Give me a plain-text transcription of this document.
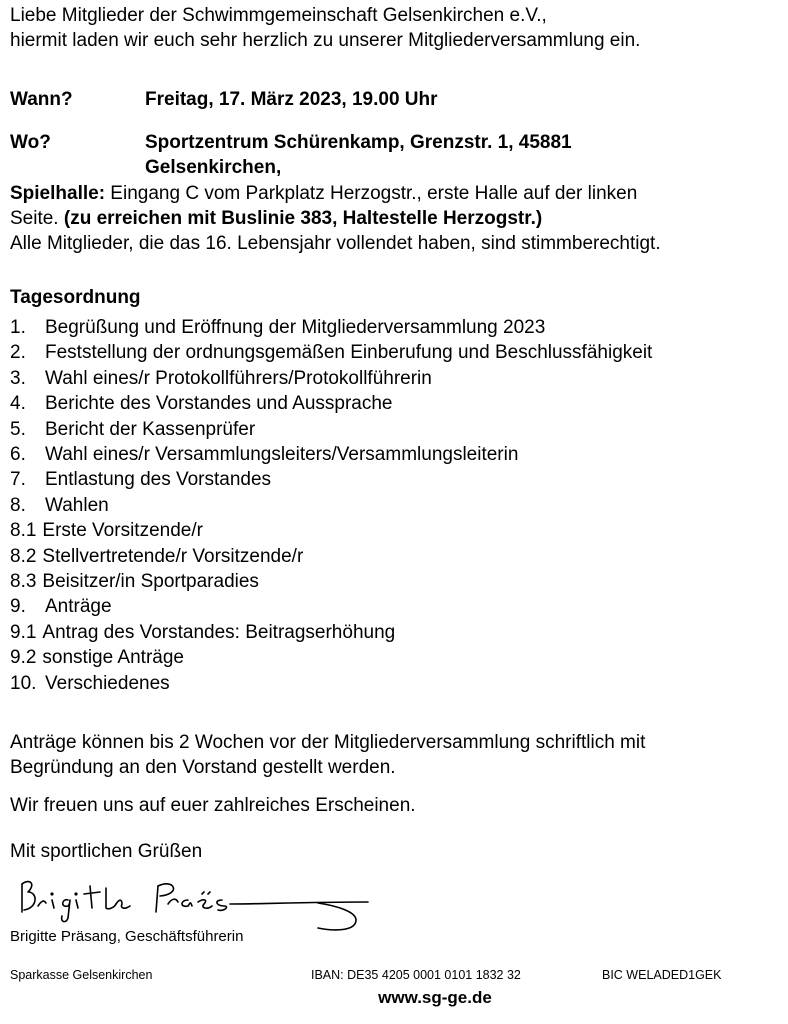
Liebe Mitglieder der Schwimmgemeinschaft Gelsenkirchen e.V.,
hiermit laden wir euch sehr herzlich zu unserer Mitgliederversammlung ein.
Wann?	Freitag, 17. März 2023, 19.00 Uhr
Wo?	Sportzentrum Schürenkamp, Grenzstr. 1, 45881
Gelsenkirchen,
Spielhalle: Eingang C vom Parkplatz Herzogstr., erste Halle auf der linken
Seite. (zu erreichen mit Buslinie 383, Haltestelle Herzogstr.)
Alle Mitglieder, die das 16. Lebensjahr vollendet haben, sind stimmberechtigt.
Tagesordnung
1.	Begrüßung und Eröffnung der Mitgliederversammlung 2023
2.	Feststellung der ordnungsgemäßen Einberufung und Beschlussfähigkeit
3.	Wahl eines/r Protokollführers/Protokollführerin
4.	Berichte des Vorstandes und Aussprache
5.	Bericht der Kassenprüfer
6.	Wahl eines/r Versammlungsleiters/Versammlungsleiterin
7.	Entlastung des Vorstandes
8.	Wahlen
8.1 Erste Vorsitzende/r
8.2 Stellvertretende/r Vorsitzende/r
8.3 Beisitzer/in Sportparadies
9.	Anträge
9.1 Antrag des Vorstandes: Beitragserhöhung
9.2 sonstige Anträge
10. Verschiedenes
Anträge können bis 2 Wochen vor der Mitgliederversammlung schriftlich mit
Begründung an den Vorstand gestellt werden.
Wir freuen uns auf euer zahlreiches Erscheinen.
Mit sportlichen Grüßen
Brigitte Präsang, Geschäftsführerin
Sparkasse Gelsenkirchen	IBAN: DE35 4205 0001 0101 1832 32	BIC WELADED1GEK
www.sg-ge.de
